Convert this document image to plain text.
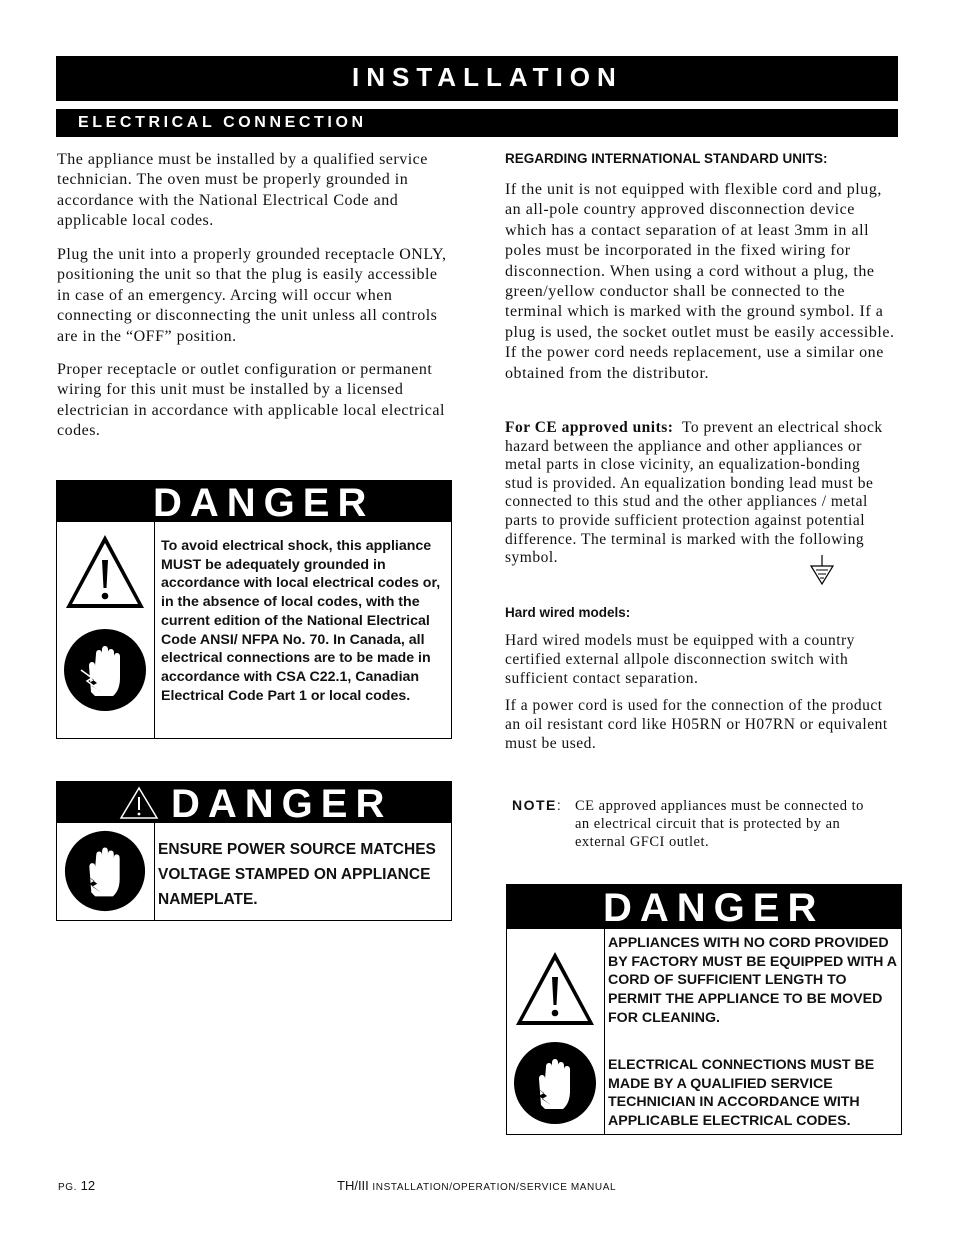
INSTALLATION
ELECTRICAL CONNECTION

The appliance must be installed by a qualified service technician. The oven must be properly grounded in accordance with the National Electrical Code and applicable local codes.

Plug the unit into a properly grounded receptacle ONLY, positioning the unit so that the plug is easily accessible in case of an emergency. Arcing will occur when connecting or disconnecting the unit unless all controls are in the “OFF” position.

Proper receptacle or outlet configuration or permanent wiring for this unit must be installed by a licensed electrician in accordance with applicable local electrical codes.

DANGER

To avoid electrical shock, this appliance MUST be adequately grounded in accordance with local electrical codes or, in the absence of local codes, with the current edition of the National Electrical Code ANSI/ NFPA No. 70. In Canada, all electrical connections are to be made in accordance with CSA C22.1, Canadian Electrical Code Part 1 or local codes.

DANGER

ENSURE POWER SOURCE MATCHES VOLTAGE STAMPED ON APPLIANCE NAMEPLATE.

REGARDING INTERNATIONAL STANDARD UNITS:

If the unit is not equipped with flexible cord and plug, an all-pole country approved disconnection device which has a contact separation of at least 3mm in all poles must be incorporated in the fixed wiring for disconnection. When using a cord without a plug, the green/yellow conductor shall be connected to the terminal which is marked with the ground symbol. If a plug is used, the socket outlet must be easily accessible. If the power cord needs replacement, use a similar one obtained from the distributor.

For CE approved units: To prevent an electrical shock hazard between the appliance and other appliances or metal parts in close vicinity, an equalization-bonding stud is provided. An equalization bonding lead must be connected to this stud and the other appliances / metal parts to provide sufficient protection against potential difference. The terminal is marked with the following symbol.

Hard wired models:

Hard wired models must be equipped with a country certified external allpole disconnection switch with sufficient contact separation.

If a power cord is used for the connection of the product an oil resistant cord like H05RN or H07RN or equivalent must be used.

NOTE: CE approved appliances must be connected to an electrical circuit that is protected by an external GFCI outlet.

DANGER

APPLIANCES WITH NO CORD PROVIDED BY FACTORY MUST BE EQUIPPED WITH A CORD OF SUFFICIENT LENGTH TO PERMIT THE APPLIANCE TO BE MOVED FOR CLEANING.

ELECTRICAL CONNECTIONS MUST BE MADE BY A QUALIFIED SERVICE TECHNICIAN IN ACCORDANCE WITH APPLICABLE ELECTRICAL CODES.

PG. 12	TH/III INSTALLATION/OPERATION/SERVICE MANUAL
